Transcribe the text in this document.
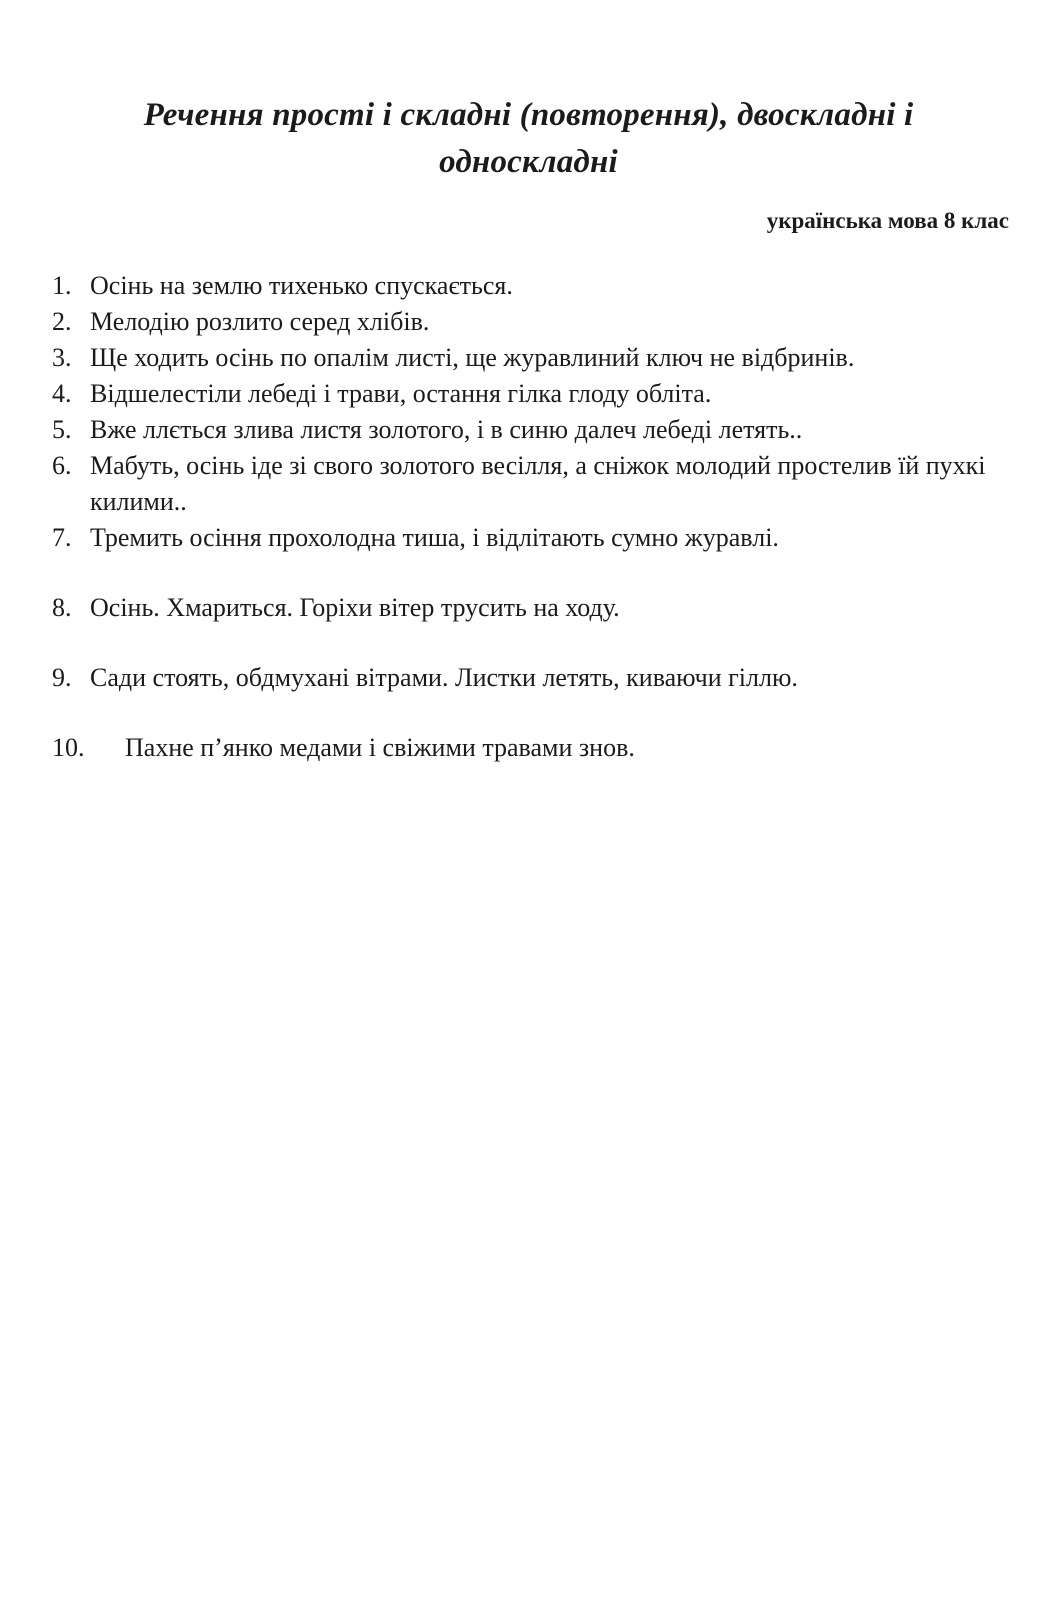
Речення прості і складні (повторення), двоскладні і односкладні
українська мова 8 клас
1. Осінь на землю тихенько спускається.
2. Мелодію розлито серед хлібів.
3. Ще ходить осінь по опалім листі, ще журавлиний ключ не відбринів.
4. Відшелестіли лебеді і трави, остання гілка глоду обліта.
5. Вже ллється злива листя золотого, і в синю далеч лебеді летять..
6. Мабуть, осінь іде зі свого золотого весілля, а сніжок молодий простелив їй пухкі килими..
7. Тремить осіння прохолодна тиша, і відлітають сумно журавлі.
8. Осінь. Хмариться. Горіхи вітер трусить на ходу.
9. Сади стоять, обдмухані вітрами. Листки летять, киваючи гіллю.
10.	Пахне п’янко медами і свіжими травами знов.
